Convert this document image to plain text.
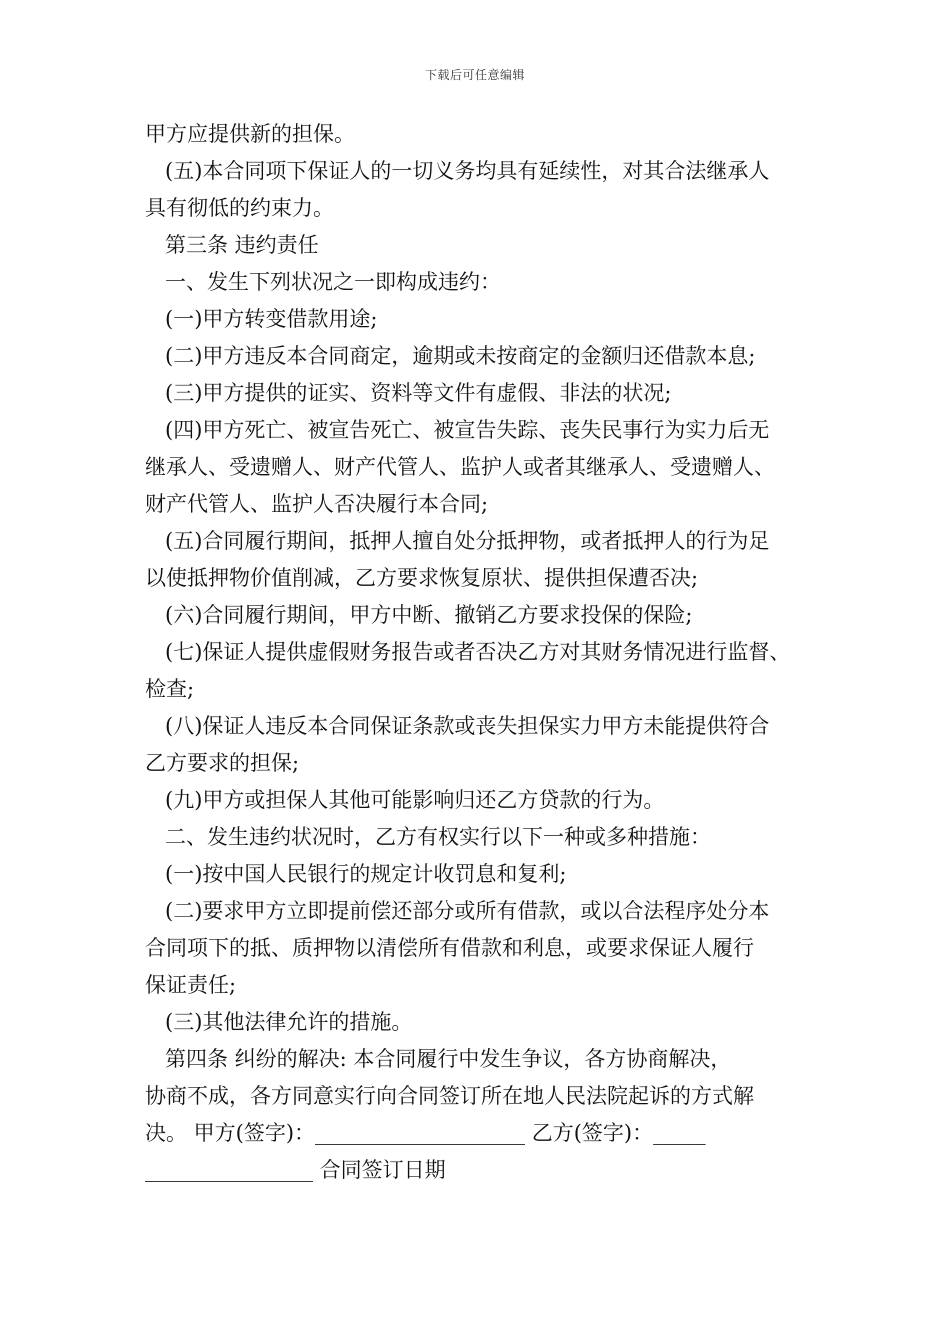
下载后可任意编辑
甲方应提供新的担保。
(五)本合同项下保证人的一切义务均具有延续性，对其合法继承人
具有彻低的约束力。
第三条 违约责任
一、发生下列状况之一即构成违约：
(一)甲方转变借款用途;
(二)甲方违反本合同商定，逾期或未按商定的金额归还借款本息;
(三)甲方提供的证实、资料等文件有虚假、非法的状况;
(四)甲方死亡、被宣告死亡、被宣告失踪、丧失民事行为实力后无
继承人、受遗赠人、财产代管人、监护人或者其继承人、受遗赠人、
财产代管人、监护人否决履行本合同;
(五)合同履行期间，抵押人擅自处分抵押物，或者抵押人的行为足
以使抵押物价值削减，乙方要求恢复原状、提供担保遭否决;
(六)合同履行期间，甲方中断、撤销乙方要求投保的保险;
(七)保证人提供虚假财务报告或者否决乙方对其财务情况进行监督、
检查;
(八)保证人违反本合同保证条款或丧失担保实力甲方未能提供符合
乙方要求的担保;
(九)甲方或担保人其他可能影响归还乙方贷款的行为。
二、发生违约状况时，乙方有权实行以下一种或多种措施：
(一)按中国人民银行的规定计收罚息和复利;
(二)要求甲方立即提前偿还部分或所有借款，或以合法程序处分本
合同项下的抵、质押物以清偿所有借款和利息，或要求保证人履行
保证责任;
(三)其他法律允许的措施。
第四条 纠纷的解决: 本合同履行中发生争议，各方协商解决，
协商不成，各方同意实行向合同签订所在地人民法院起诉的方式解
决。 甲方(签字)：____________________ 乙方(签字)：_____
________________ 合同签订日期
